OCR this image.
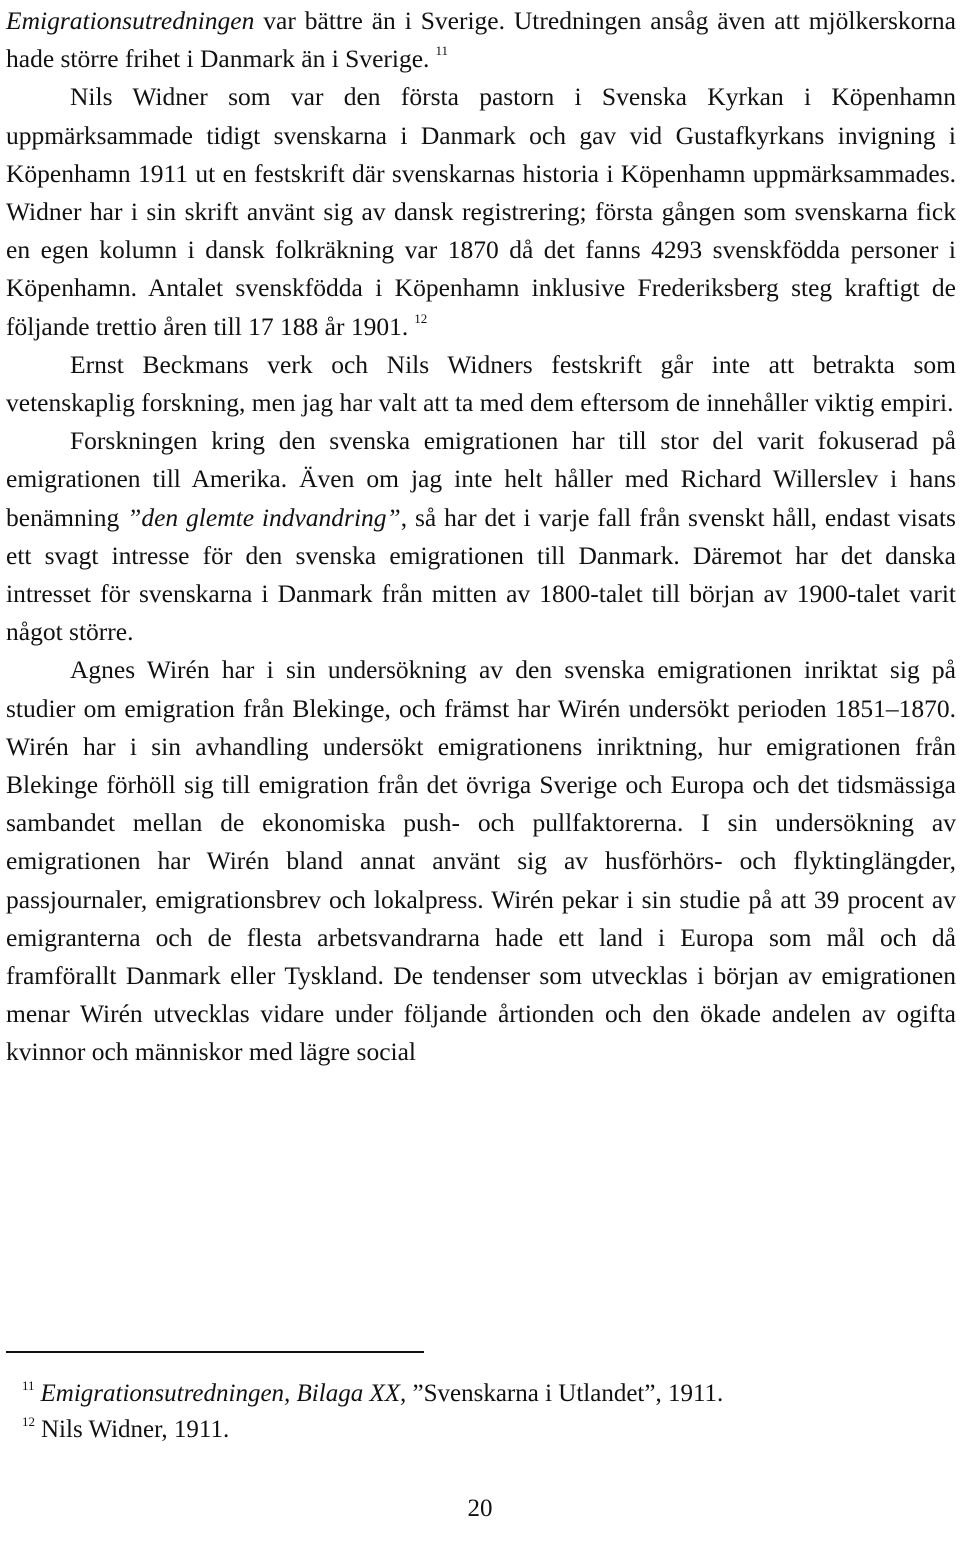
Emigrationsutredningen var bättre än i Sverige. Utredningen ansåg även att mjölkerskorna hade större frihet i Danmark än i Sverige. $^{11}$

Nils Widner som var den första pastorn i Svenska Kyrkan i Köpenhamn uppmärksammade tidigt svenskarna i Danmark och gav vid Gustafkyrkans invigning i Köpenhamn 1911 ut en festskrift där svenskarnas historia i Köpenhamn uppmärksammades. Widner har i sin skrift använt sig av dansk registrering; första gången som svenskarna fick en egen kolumn i dansk folkräkning var 1870 då det fanns 4293 svenskfödda personer i Köpenhamn. Antalet svenskfödda i Köpenhamn inklusive Frederiksberg steg kraftigt de följande trettio åren till 17 188 år 1901. $^{12}$

Ernst Beckmans verk och Nils Widners festskrift går inte att betrakta som vetenskaplig forskning, men jag har valt att ta med dem eftersom de innehåller viktig empiri.

Forskningen kring den svenska emigrationen har till stor del varit fokuserad på emigrationen till Amerika. Även om jag inte helt håller med Richard Willerslev i hans benämning ”den glemte indvandring”, så har det i varje fall från svenskt håll, endast visats ett svagt intresse för den svenska emigrationen till Danmark. Däremot har det danska intresset för svenskarna i Danmark från mitten av 1800-talet till början av 1900-talet varit något större.

Agnes Wirén har i sin undersökning av den svenska emigrationen inriktat sig på studier om emigration från Blekinge, och främst har Wirén undersökt perioden 1851–1870. Wirén har i sin avhandling undersökt emigrationens inriktning, hur emigrationen från Blekinge förhöll sig till emigration från det övriga Sverige och Europa och det tidsmässiga sambandet mellan de ekonomiska push- och pullfaktorerna. I sin undersökning av emigrationen har Wirén bland annat använt sig av husförhörs- och flyktinglängder, passjournaler, emigrationsbrev och lokalpress. Wirén pekar i sin studie på att 39 procent av emigranterna och de flesta arbetsvandrarna hade ett land i Europa som mål och då framförallt Danmark eller Tyskland. De tendenser som utvecklas i början av emigrationen menar Wirén utvecklas vidare under följande årtionden och den ökade andelen av ogifta kvinnor och människor med lägre social

$^{11}$ Emigrationsutredningen, Bilaga XX, ”Svenskarna i Utlandet”, 1911.
$^{12}$ Nils Widner, 1911.
20
